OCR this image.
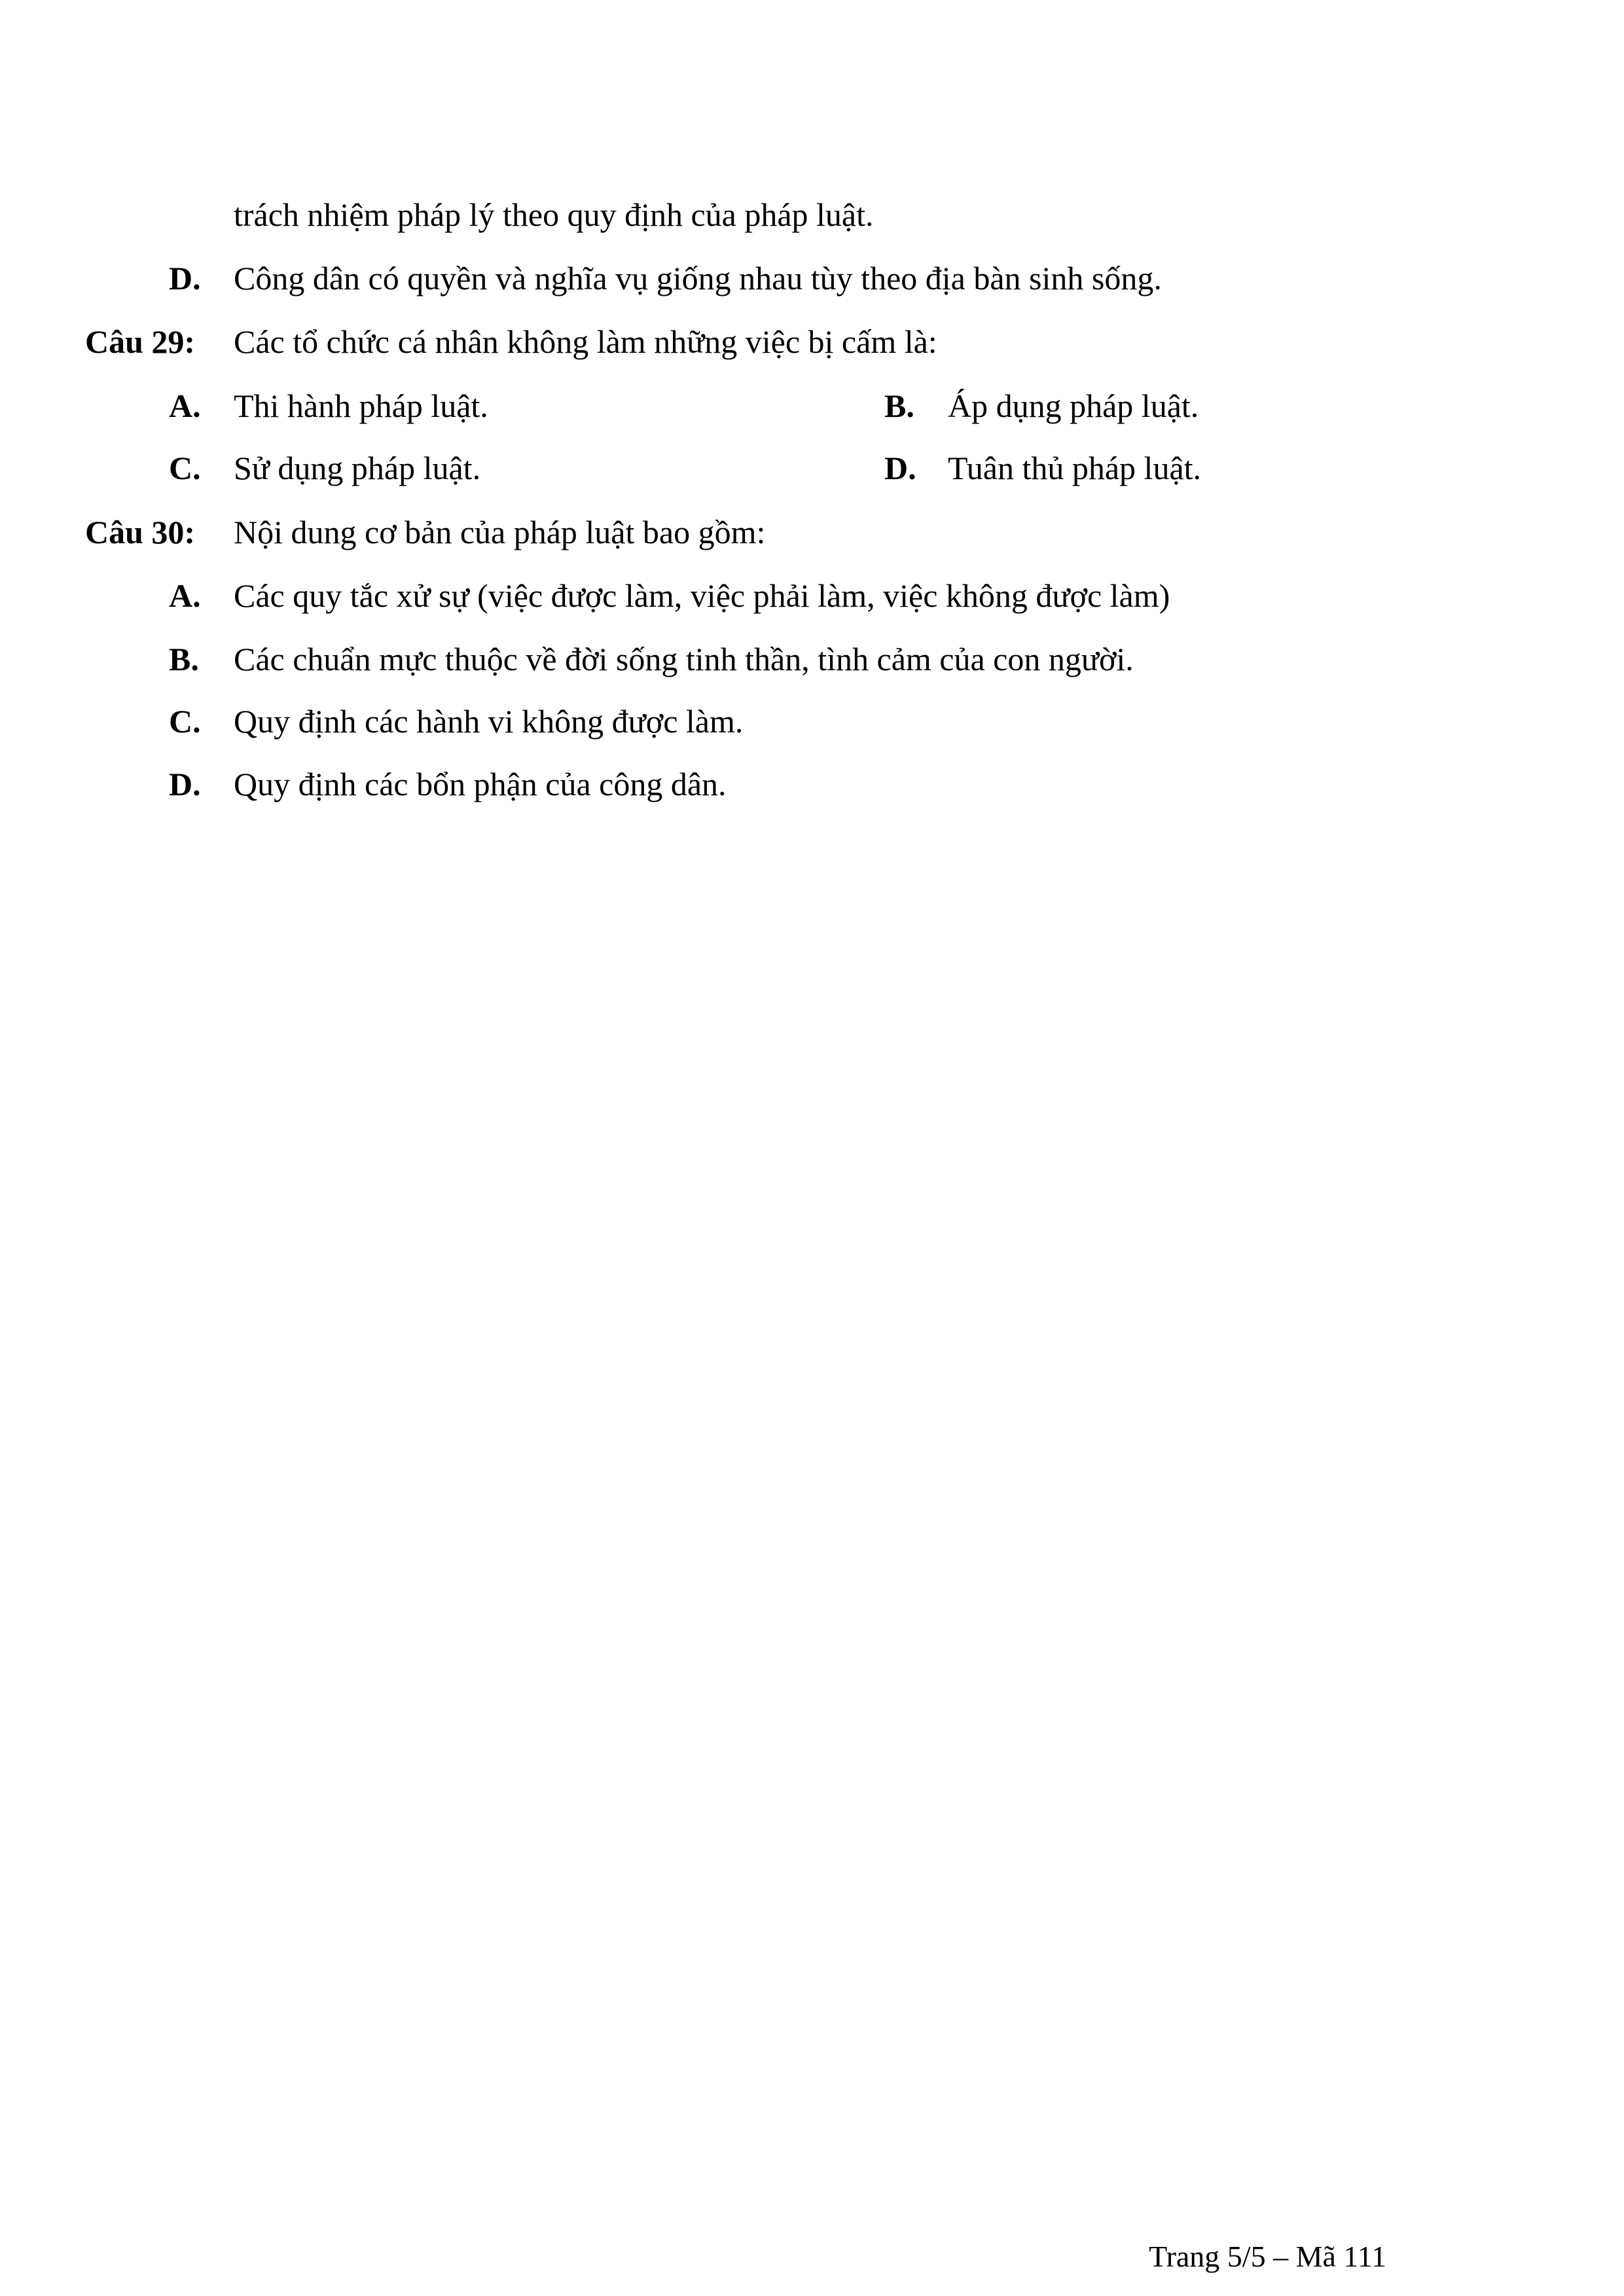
trách nhiệm pháp lý theo quy định của pháp luật.
D. Công dân có quyền và nghĩa vụ giống nhau tùy theo địa bàn sinh sống.
Câu 29: Các tổ chức cá nhân không làm những việc bị cấm là:
A. Thi hành pháp luật.	B. Áp dụng pháp luật.
C. Sử dụng pháp luật.	D. Tuân thủ pháp luật.
Câu 30: Nội dung cơ bản của pháp luật bao gồm:
A. Các quy tắc xử sự (việc được làm, việc phải làm, việc không được làm)
B. Các chuẩn mực thuộc về đời sống tinh thần, tình cảm của con người.
C. Quy định các hành vi không được làm.
D. Quy định các bổn phận của công dân.
Trang 5/5 – Mã 111
